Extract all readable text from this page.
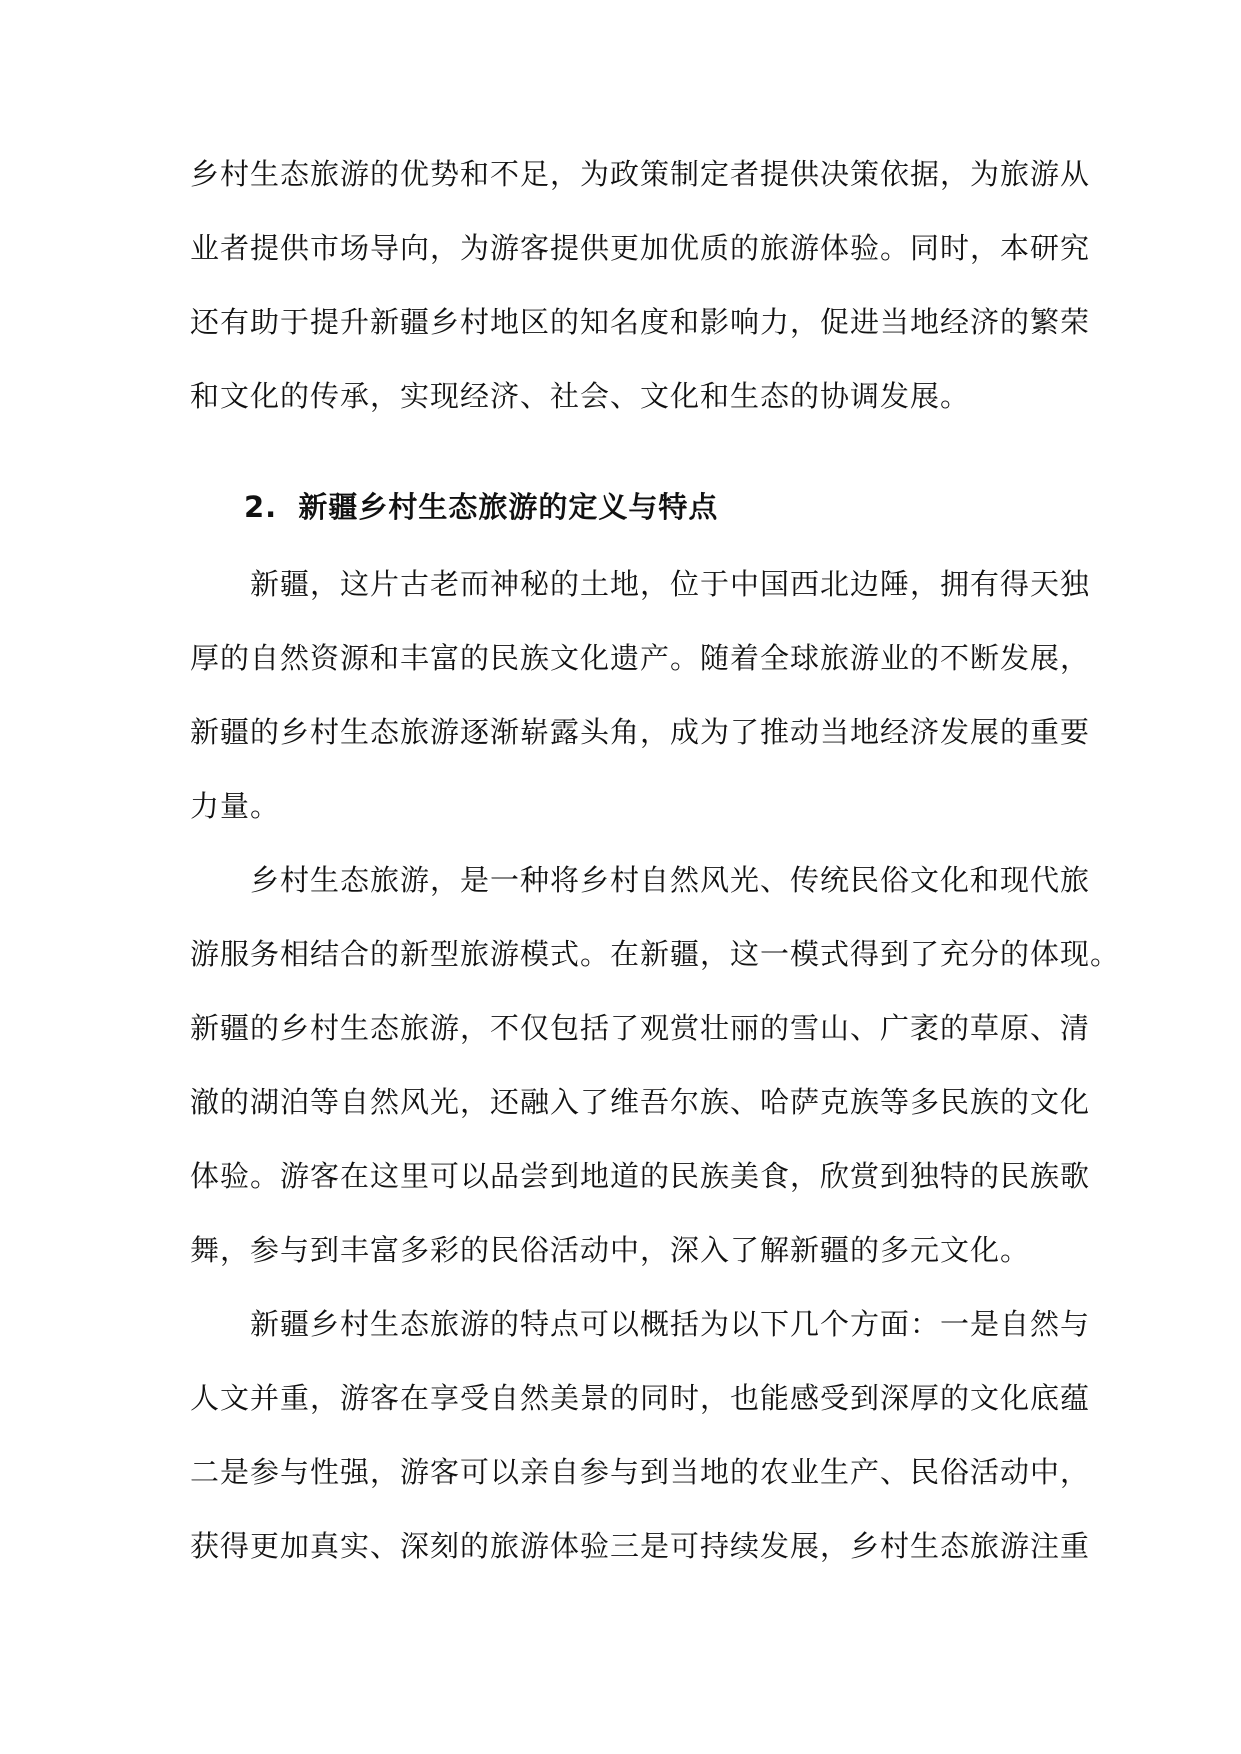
乡村生态旅游的优势和不足，为政策制定者提供决策依据，为旅游从
业者提供市场导向，为游客提供更加优质的旅游体验。同时，本研究
还有助于提升新疆乡村地区的知名度和影响力，促进当地经济的繁荣
和文化的传承，实现经济、社会、文化和生态的协调发展。
2. 新疆乡村生态旅游的定义与特点
　　新疆，这片古老而神秘的土地，位于中国西北边陲，拥有得天独
厚的自然资源和丰富的民族文化遗产。随着全球旅游业的不断发展，
新疆的乡村生态旅游逐渐崭露头角，成为了推动当地经济发展的重要
力量。
　　乡村生态旅游，是一种将乡村自然风光、传统民俗文化和现代旅
游服务相结合的新型旅游模式。在新疆，这一模式得到了充分的体现。
新疆的乡村生态旅游，不仅包括了观赏壮丽的雪山、广袤的草原、清
澈的湖泊等自然风光，还融入了维吾尔族、哈萨克族等多民族的文化
体验。游客在这里可以品尝到地道的民族美食，欣赏到独特的民族歌
舞，参与到丰富多彩的民俗活动中，深入了解新疆的多元文化。
　　新疆乡村生态旅游的特点可以概括为以下几个方面：一是自然与
人文并重，游客在享受自然美景的同时，也能感受到深厚的文化底蕴
二是参与性强，游客可以亲自参与到当地的农业生产、民俗活动中，
获得更加真实、深刻的旅游体验三是可持续发展，乡村生态旅游注重
